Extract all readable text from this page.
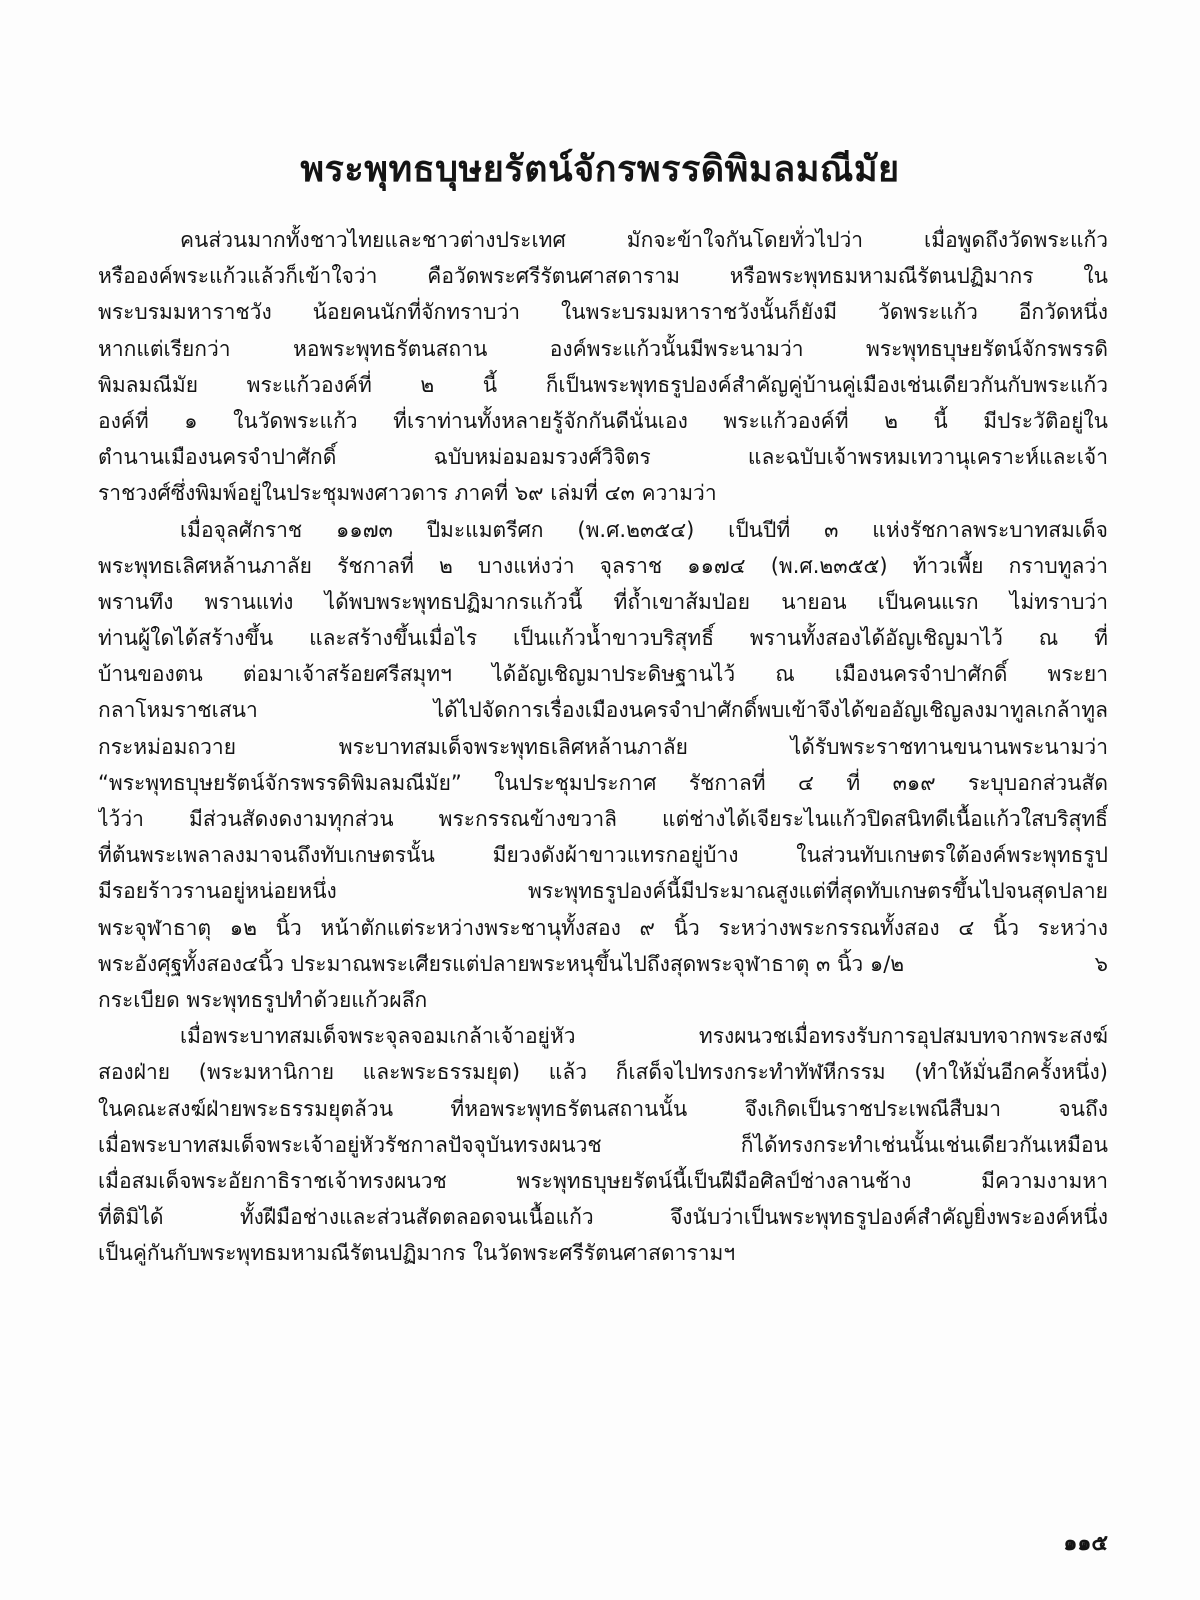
พระพุทธบุษยรัตน์จักรพรรดิพิมลมณีมัย
คนส่วนมากทั้งชาวไทยและชาวต่างประเทศ มักจะข้าใจกันโดยทั่วไปว่า เมื่อพูดถึงวัดพระแก้ว
หรือองค์พระแก้วแล้วก็เข้าใจว่า คือวัดพระศรีรัตนศาสดาราม หรือพระพุทธมหามณีรัตนปฏิมากร ใน
พระบรมมหาราชวัง น้อยคนนักที่จักทราบว่า ในพระบรมมหาราชวังนั้นก็ยังมี วัดพระแก้ว อีกวัดหนึ่ง
หากแต่เรียกว่า หอพระพุทธรัตนสถาน องค์พระแก้วนั้นมีพระนามว่า พระพุทธบุษยรัตน์จักรพรรดิ
พิมลมณีมัย พระแก้วองค์ที่ ๒ นี้ ก็เป็นพระพุทธรูปองค์สำคัญคู่บ้านคู่เมืองเช่นเดียวกันกับพระแก้ว
องค์ที่ ๑ ในวัดพระแก้ว ที่เราท่านทั้งหลายรู้จักกันดีนั่นเอง พระแก้วองค์ที่ ๒ นี้ มีประวัติอยู่ใน
ตำนานเมืองนครจำปาศักดิ์ ฉบับหม่อมอมรวงศ์วิจิตร และฉบับเจ้าพรหมเทวานุเคราะห์และเจ้า
ราชวงศ์ซึ่งพิมพ์อยู่ในประชุมพงศาวดาร ภาคที่ ๖๙ เล่มที่ ๔๓ ความว่า
เมื่อจุลศักราช ๑๑๗๓ ปีมะแมตรีศก (พ.ศ.๒๓๕๔) เป็นปีที่ ๓ แห่งรัชกาลพระบาทสมเด็จ
พระพุทธเลิศหล้านภาลัย รัชกาลที่ ๒ บางแห่งว่า จุลราช ๑๑๗๔ (พ.ศ.๒๓๕๕) ท้าวเพี้ย กราบทูลว่า
พรานทึง พรานแท่ง ได้พบพระพุทธปฏิมากรแก้วนี้ ที่ถ้ำเขาส้มป่อย นายอน เป็นคนแรก ไม่ทราบว่า
ท่านผู้ใดได้สร้างขึ้น และสร้างขึ้นเมื่อไร เป็นแก้วน้ำขาวบริสุทธิ์ พรานทั้งสองได้อัญเชิญมาไว้ ณ ที่
บ้านของตน ต่อมาเจ้าสร้อยศรีสมุทฯ ได้อัญเชิญมาประดิษฐานไว้ ณ เมืองนครจำปาศักดิ์ พระยา
กลาโหมราชเสนา ได้ไปจัดการเรื่องเมืองนครจำปาศักดิ์พบเข้าจึงได้ขออัญเชิญลงมาทูลเกล้าทูล
กระหม่อมถวาย พระบาทสมเด็จพระพุทธเลิศหล้านภาลัย ได้รับพระราชทานขนานพระนามว่า
“พระพุทธบุษยรัตน์จักรพรรดิพิมลมณีมัย” ในประชุมประกาศ รัชกาลที่ ๔ ที่ ๓๑๙ ระบุบอกส่วนสัด
ไว้ว่า มีส่วนสัดงดงามทุกส่วน พระกรรณข้างขวาลิ แต่ช่างได้เจียระไนแก้วปิดสนิทดีเนื้อแก้วใสบริสุทธิ์
ที่ต้นพระเพลาลงมาจนถึงทับเกษตรนั้น มียวงดังผ้าขาวแทรกอยู่บ้าง ในส่วนทับเกษตรใต้องค์พระพุทธรูป
มีรอยร้าวรานอยู่หน่อยหนึ่ง พระพุทธรูปองค์นี้มีประมาณสูงแต่ที่สุดทับเกษตรขึ้นไปจนสุดปลาย
พระจุฬาธาตุ ๑๒ นิ้ว หน้าตักแต่ระหว่างพระชานุทั้งสอง ๙ นิ้ว ระหว่างพระกรรณทั้งสอง ๔ นิ้ว ระหว่าง
พระอังศุฐทั้งสอง๔นิ้ว ประมาณพระเศียรแต่ปลายพระหนุขึ้นไปถึงสุดพระจุฬาธาตุ ๓ นิ้ว ๑/๒	๖
กระเบียด พระพุทธรูปทำด้วยแก้วผลึก
เมื่อพระบาทสมเด็จพระจุลจอมเกล้าเจ้าอยู่หัว ทรงผนวชเมื่อทรงรับการอุปสมบทจากพระสงฆ์
สองฝ่าย (พระมหานิกาย และพระธรรมยุต) แล้ว ก็เสด็จไปทรงกระทำทัฬหีกรรม (ทำให้มั่นอีกครั้งหนึ่ง)
ในคณะสงฆ์ฝ่ายพระธรรมยุตล้วน ที่หอพระพุทธรัตนสถานนั้น จึงเกิดเป็นราชประเพณีสืบมา จนถึง
เมื่อพระบาทสมเด็จพระเจ้าอยู่หัวรัชกาลปัจจุบันทรงผนวช ก็ได้ทรงกระทำเช่นนั้นเช่นเดียวกันเหมือน
เมื่อสมเด็จพระอัยกาธิราชเจ้าทรงผนวช พระพุทธบุษยรัตน์นี้เป็นฝีมือศิลป์ช่างลานช้าง มีความงามหา
ที่ติมิได้ ทั้งฝีมือช่างและส่วนสัดตลอดจนเนื้อแก้ว จึงนับว่าเป็นพระพุทธรูปองค์สำคัญยิ่งพระองค์หนึ่ง
เป็นคู่กันกับพระพุทธมหามณีรัตนปฏิมากร ในวัดพระศรีรัตนศาสดารามฯ
๑๑๕
